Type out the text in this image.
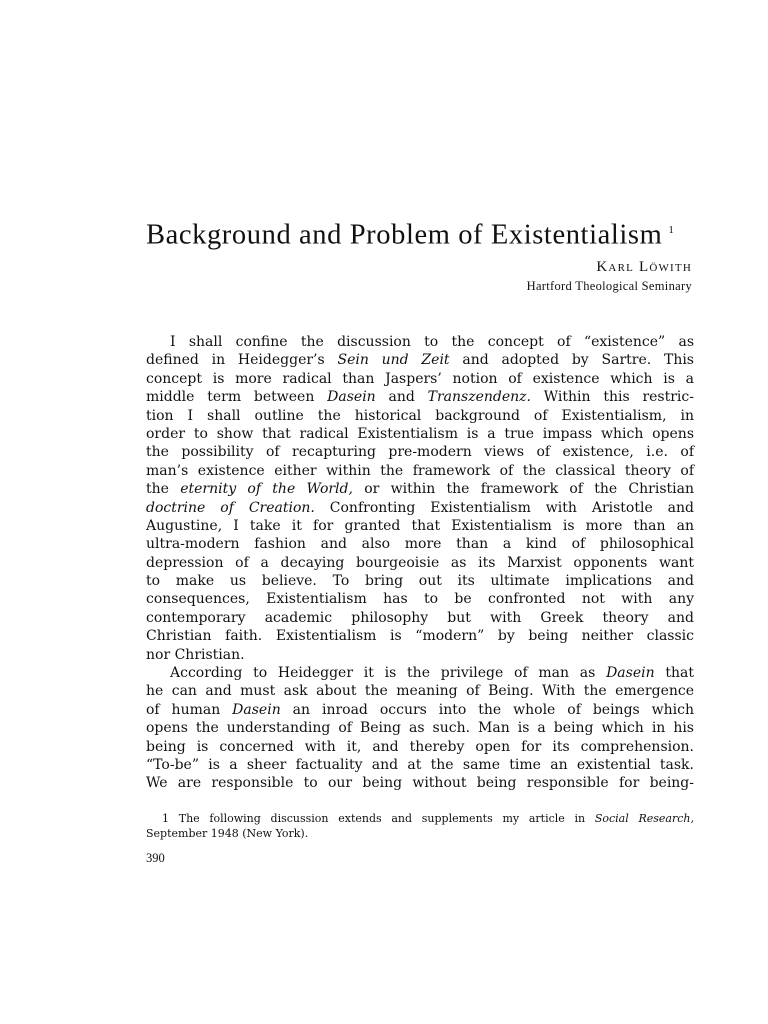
Background and Problem of Existentialism $^1$
Karl Löwith
Hartford Theological Seminary
I shall confine the discussion to the concept of “existence” as
defined in Heidegger’s Sein und Zeit and adopted by Sartre. This
concept is more radical than Jaspers’ notion of existence which is a
middle term between Dasein and Transzendenz. Within this restric-
tion I shall outline the historical background of Existentialism, in
order to show that radical Existentialism is a true impass which opens
the possibility of recapturing pre-modern views of existence, i.e. of
man’s existence either within the framework of the classical theory of
the eternity of the World, or within the framework of the Christian
doctrine of Creation. Confronting Existentialism with Aristotle and
Augustine, I take it for granted that Existentialism is more than an
ultra-modern fashion and also more than a kind of philosophical
depression of a decaying bourgeoisie as its Marxist opponents want
to make us believe. To bring out its ultimate implications and
consequences, Existentialism has to be confronted not with any
contemporary academic philosophy but with Greek theory and
Christian faith. Existentialism is “modern” by being neither classic
nor Christian.
According to Heidegger it is the privilege of man as Dasein that
he can and must ask about the meaning of Being. With the emergence
of human Dasein an inroad occurs into the whole of beings which
opens the understanding of Being as such. Man is a being which in his
being is concerned with it, and thereby open for its comprehension.
“To-be” is a sheer factuality and at the same time an existential task.
We are responsible to our being without being responsible for being-
1 The following discussion extends and supplements my article in Social Research,
September 1948 (New York).
390
